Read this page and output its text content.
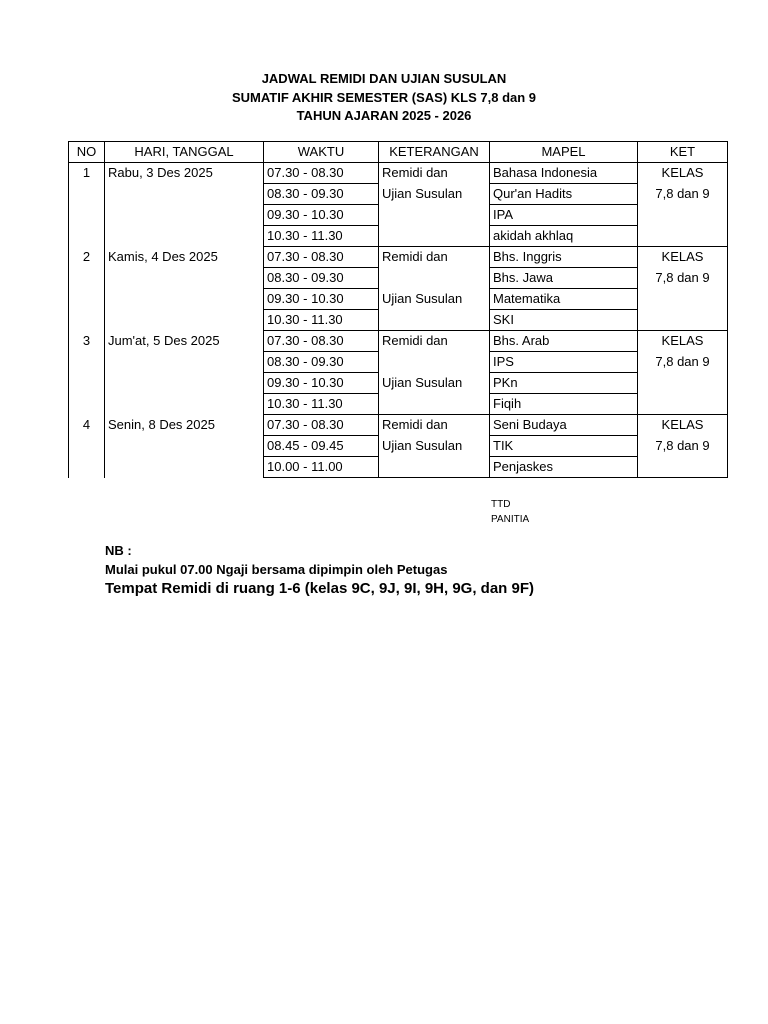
JADWAL REMIDI DAN UJIAN SUSULAN
SUMATIF AKHIR SEMESTER (SAS) KLS 7,8 dan 9
TAHUN AJARAN 2025 - 2026
NO	HARI, TANGGAL	WAKTU	KETERANGAN	MAPEL	KET
1	Rabu, 3 Des 2025	07.30 - 08.30	Remidi dan	Bahasa Indonesia	KELAS
		08.30 - 09.30	Ujian Susulan	Qur'an Hadits	7,8 dan 9
		09.30 - 10.30		IPA	
		10.30 - 11.30		akidah akhlaq	
2	Kamis, 4 Des 2025	07.30 - 08.30	Remidi dan	Bhs. Inggris	KELAS
		08.30 - 09.30		Bhs. Jawa	7,8 dan 9
		09.30 - 10.30	Ujian Susulan	Matematika	
		10.30 - 11.30		SKI	
3	Jum'at, 5 Des 2025	07.30 - 08.30	Remidi dan	Bhs. Arab	KELAS
		08.30 - 09.30		IPS	7,8 dan 9
		09.30 - 10.30	Ujian Susulan	PKn	
		10.30 - 11.30		Fiqih	
4	Senin, 8 Des 2025	07.30 - 08.30	Remidi dan	Seni Budaya	KELAS
		08.45 - 09.45	Ujian Susulan	TIK	7,8 dan 9
		10.00 - 11.00		Penjaskes	
TTD
PANITIA
NB :
Mulai pukul 07.00 Ngaji bersama dipimpin oleh Petugas
Tempat Remidi di ruang 1-6 (kelas 9C, 9J, 9I, 9H, 9G, dan 9F)
